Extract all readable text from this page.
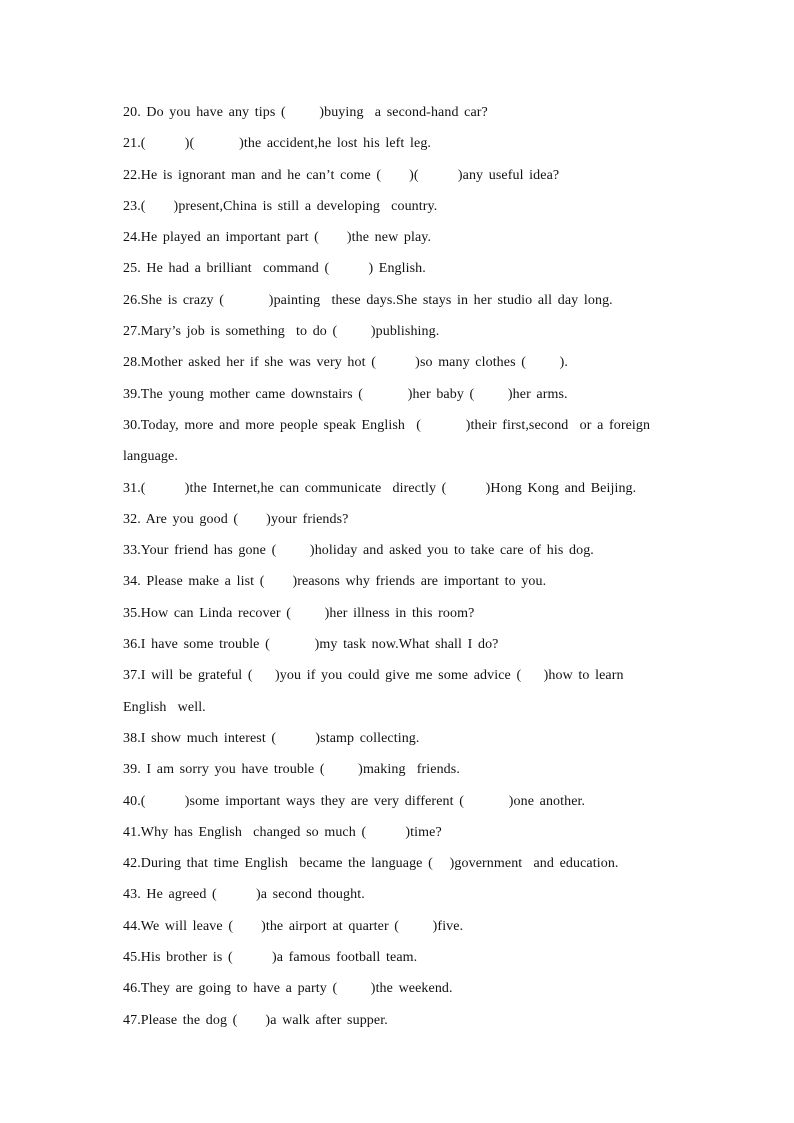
20. Do you have any tips (      )buying  a second-hand car?
21.(       )(        )the accident,he lost his left leg.
22.He is ignorant man and he can’t come (     )(       )any useful idea?
23.(     )present,China is still a developing  country.
24.He played an important part (     )the new play.
25. He had a brilliant  command (       ) English.
26.She is crazy (        )painting  these days.She stays in her studio all day long.
27.Mary’s job is something  to do (      )publishing.
28.Mother asked her if she was very hot (       )so many clothes (      ).
39.The young mother came downstairs (        )her baby (      )her arms.
30.Today, more and more people speak English  (        )their first,second  or a foreign
language.
31.(       )the Internet,he can communicate  directly (       )Hong Kong and Beijing.
32. Are you good (     )your friends?
33.Your friend has gone (      )holiday and asked you to take care of his dog.
34. Please make a list (     )reasons why friends are important to you.
35.How can Linda recover (      )her illness in this room?
36.I have some trouble (        )my task now.What shall I do?
37.I will be grateful (    )you if you could give me some advice (    )how to learn
English  well.
38.I show much interest (       )stamp collecting.
39. I am sorry you have trouble (      )making  friends.
40.(       )some important ways they are very different (        )one another.
41.Why has English  changed so much (       )time?
42.During that time English  became the language (   )government  and education.
43. He agreed (       )a second thought.
44.We will leave (     )the airport at quarter (      )five.
45.His brother is (       )a famous football team.
46.They are going to have a party (      )the weekend.
47.Please the dog (     )a walk after supper.
